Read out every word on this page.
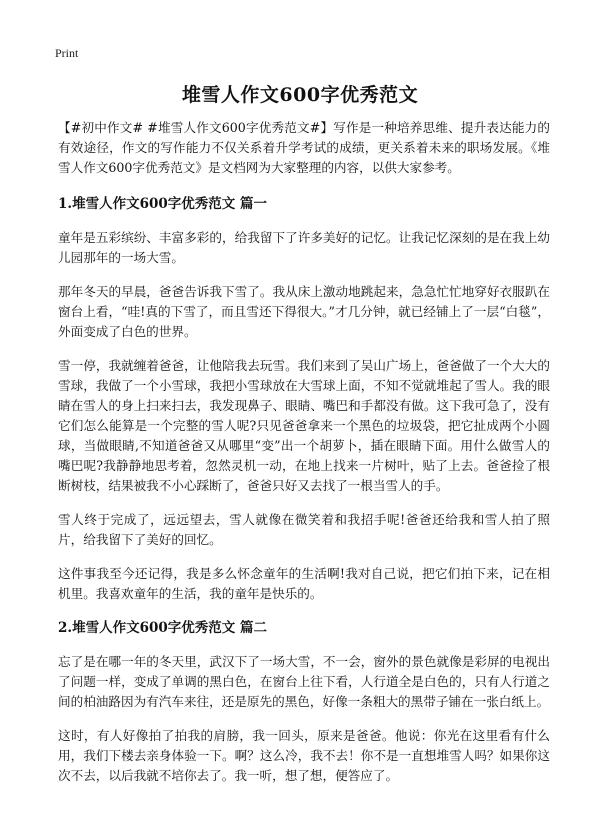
Print
堆雪人作文600字优秀范文

【#初中作文# #堆雪人作文600字优秀范文#】写作是一种培养思维、提升表达能力的有效途径，作文的写作能力不仅关系着升学考试的成绩，更关系着未来的职场发展。《堆雪人作文600字优秀范文》是文档网为大家整理的内容，以供大家参考。

1.堆雪人作文600字优秀范文 篇一

童年是五彩缤纷、丰富多彩的，给我留下了许多美好的记忆。让我记忆深刻的是在我上幼儿园那年的一场大雪。

那年冬天的早晨，爸爸告诉我下雪了。我从床上激动地跳起来，急急忙忙地穿好衣服趴在窗台上看，“哇!真的下雪了，而且雪还下得很大。”才几分钟，就已经铺上了一层“白毯”，外面变成了白色的世界。

雪一停，我就缠着爸爸，让他陪我去玩雪。我们来到了吴山广场上，爸爸做了一个大大的雪球，我做了一个小雪球，我把小雪球放在大雪球上面，不知不觉就堆起了雪人。我的眼睛在雪人的身上扫来扫去，我发现鼻子、眼睛、嘴巴和手都没有做。这下我可急了，没有它们怎么能算是一个完整的雪人呢?只见爸爸拿来一个黑色的垃圾袋，把它扯成两个小圆球，当做眼睛,不知道爸爸又从哪里“变”出一个胡萝卜，插在眼睛下面。用什么做雪人的嘴巴呢?我静静地思考着，忽然灵机一动，在地上找来一片树叶，贴了上去。爸爸捡了根断树枝，结果被我不小心踩断了，爸爸只好又去找了一根当雪人的手。

雪人终于完成了，远远望去，雪人就像在微笑着和我招手呢!爸爸还给我和雪人拍了照片，给我留下了美好的回忆。

这件事我至今还记得，我是多么怀念童年的生活啊!我对自己说，把它们拍下来，记在相机里。我喜欢童年的生活，我的童年是快乐的。

2.堆雪人作文600字优秀范文 篇二

忘了是在哪一年的冬天里，武汉下了一场大雪，不一会，窗外的景色就像是彩屏的电视出了问题一样，变成了单调的黑白色，在窗台上往下看，人行道全是白色的，只有人行道之间的柏油路因为有汽车来往，还是原先的黑色，好像一条粗大的黑带子铺在一张白纸上。

这时，有人好像拍了拍我的肩膀，我一回头，原来是爸爸。他说：你光在这里看有什么用，我们下楼去亲身体验一下。啊？这么冷，我不去！你不是一直想堆雪人吗？如果你这次不去，以后我就不培你去了。我一听，想了想，便答应了。
